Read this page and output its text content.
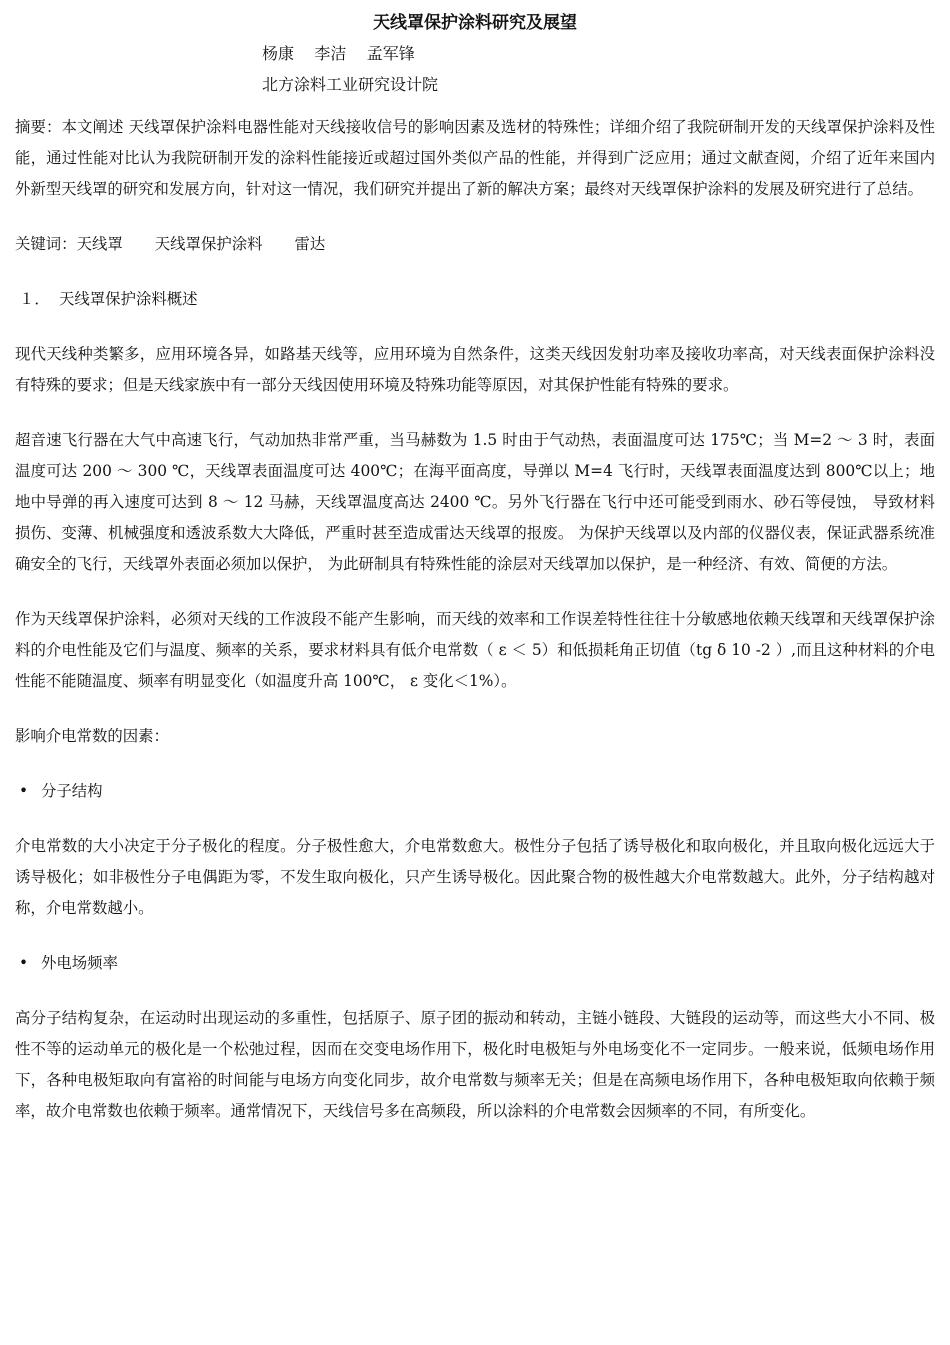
天线罩保护涂料研究及展望
杨康    李洁    孟军锋
北方涂料工业研究设计院

摘要：本文阐述 天线罩保护涂料电器性能对天线接收信号的影响因素及选材的特殊性；详细介绍了我院研制开发的天线罩保护涂料及性能，通过性能对比认为我院研制开发的涂料性能接近或超过国外类似产品的性能，并得到广泛应用；通过文献查阅，介绍了近年来国内外新型天线罩的研究和发展方向，针对这一情况，我们研究并提出了新的解决方案；最终对天线罩保护涂料的发展及研究进行了总结。

关键词：天线罩 天线罩保护涂料 雷达

１． 天线罩保护涂料概述

现代天线种类繁多，应用环境各异，如路基天线等，应用环境为自然条件，这类天线因发射功率及接收功率高，对天线表面保护涂料没有特殊的要求；但是天线家族中有一部分天线因使用环境及特殊功能等原因，对其保护性能有特殊的要求。

超音速飞行器在大气中高速飞行，气动加热非常严重，当马赫数为 1.5 时由于气动热，表面温度可达 175℃；当 M=2 ～ 3 时，表面温度可达 200 ～ 300 ℃，天线罩表面温度可达 400℃；在海平面高度，导弹以 M=4 飞行时，天线罩表面温度达到 800℃以上；地地中导弹的再入速度可达到 8 ～ 12 马赫，天线罩温度高达 2400 ℃。另外飞行器在飞行中还可能受到雨水、砂石等侵蚀， 导致材料损伤、变薄、机械强度和透波系数大大降低，严重时甚至造成雷达天线罩的报废。 为保护天线罩以及内部的仪器仪表，保证武器系统准确安全的飞行，天线罩外表面必须加以保护， 为此研制具有特殊性能的涂层对天线罩加以保护，是一种经济、有效、简便的方法。

作为天线罩保护涂料，必须对天线的工作波段不能产生影响，而天线的效率和工作误差特性往往十分敏感地依赖天线罩和天线罩保护涂料的介电性能及它们与温度、频率的关系，要求材料具有低介电常数（ ε ＜ 5）和低损耗角正切值（tg δ 10 -2 ）,而且这种材料的介电性能不能随温度、频率有明显变化（如温度升高 100℃， ε 变化＜1%）。

影响介电常数的因素：

• 分子结构

介电常数的大小决定于分子极化的程度。分子极性愈大，介电常数愈大。极性分子包括了诱导极化和取向极化，并且取向极化远远大于诱导极化；如非极性分子电偶距为零，不发生取向极化，只产生诱导极化。因此聚合物的极性越大介电常数越大。此外，分子结构越对称，介电常数越小。

• 外电场频率

高分子结构复杂，在运动时出现运动的多重性，包括原子、原子团的振动和转动，主链小链段、大链段的运动等，而这些大小不同、极性不等的运动单元的极化是一个松弛过程，因而在交变电场作用下，极化时电极矩与外电场变化不一定同步。一般来说，低频电场作用下，各种电极矩取向有富裕的时间能与电场方向变化同步，故介电常数与频率无关；但是在高频电场作用下，各种电极矩取向依赖于频率，故介电常数也依赖于频率。通常情况下，天线信号多在高频段，所以涂料的介电常数会因频率的不同，有所变化。
